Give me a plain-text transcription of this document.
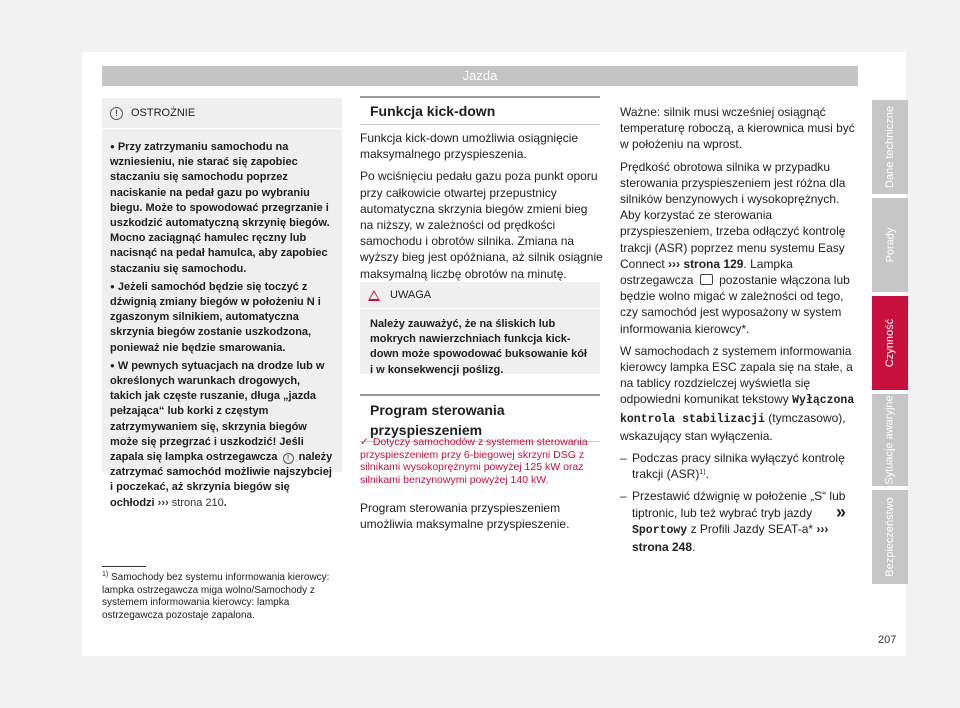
Jazda
!	OSTROŻNIE

● Przy zatrzymaniu samochodu na wzniesieniu, nie starać się zapobiec staczaniu się samochodu poprzez naciskanie na pedał gazu po wybraniu biegu. Może to spowodować przegrzanie i uszkodzić automatyczną skrzynię biegów. Mocno zaciągnąć hamulec ręczny lub nacisnąć na pedał hamulca, aby zapobiec staczaniu się samochodu.

● Jeżeli samochód będzie się toczyć z dźwignią zmiany biegów w położeniu N i zgaszonym silnikiem, automatyczna skrzynia biegów zostanie uszkodzona, ponieważ nie będzie smarowania.

● W pewnych sytuacjach na drodze lub w określonych warunkach drogowych, takich jak częste ruszanie, długa „jazda pełzająca“ lub korki z częstym zatrzymywaniem się, skrzynia biegów może się przegrzać i uszkodzić! Jeśli zapala się lampka ostrzegawcza ! należy zatrzymać samochód możliwie najszybciej i poczekać, aż skrzynia biegów się ochłodzi ››› strona 210.

$^{1)}$ Samochody bez systemu informowania kierowcy: lampka ostrzegawcza miga wolno/Samochody z systemem informowania kierowcy: lampka ostrzegawcza pozostaje zapalona.
Funkcja kick-down

Funkcja kick-down umożliwia osiągnięcie maksymalnego przyspieszenia.

Po wciśnięciu pedału gazu poza punkt oporu przy całkowicie otwartej przepustnicy automatyczna skrzynia biegów zmieni bieg na niższy, w zależności od prędkości samochodu i obrotów silnika. Zmiana na wyższy bieg jest opóźniana, aż silnik osiągnie maksymalną liczbę obrotów na minutę.

UWAGA
Należy zauważyć, że na śliskich lub mokrych nawierzchniach funkcja kick-down może spowodować buksowanie kół i w konsekwencji poślizg.
Program sterowania przyspieszeniem
✓ Dotyczy samochodów z systemem sterowania przyspieszeniem przy 6-biegowej skrzyni DSG z silnikami wysokoprężnymi powyżej 125 kW oraz silnikami benzynowymi powyżej 140 kW.

Program sterowania przyspieszeniem umożliwia maksymalne przyspieszenie.

Ważne: silnik musi wcześniej osiągnąć temperaturę roboczą, a kierownica musi być w położeniu na wprost.

Prędkość obrotowa silnika w przypadku sterowania przyspieszeniem jest różna dla silników benzynowych i wysokoprężnych. Aby korzystać ze sterowania przyspieszeniem, trzeba odłączyć kontrolę trakcji (ASR) poprzez menu systemu Easy Connect ››› strona 129. Lampka ostrzegawcza pozostanie włączona lub będzie wolno migać w zależności od tego, czy samochód jest wyposażony w system informowania kierowcy*.

W samochodach z systemem informowania kierowcy lampka ESC zapala się na stałe, a na tablicy rozdzielczej wyświetla się odpowiedni komunikat tekstowy Wyłączona kontrola stabilizacji (tymczasowo), wskazujący stan wyłączenia.

– Podczas pracy silnika wyłączyć kontrolę trakcji (ASR)$^{1)}$.
– Przestawić dźwignię w położenie „S“ lub tiptronic, lub też wybrać tryb jazdy Sportowy z Profili Jazdy SEAT-a* ››› strona 248.
»
Dane techniczne
Porady
Czynność
Sytuacje awaryjne
Bezpieczeństwo
207
